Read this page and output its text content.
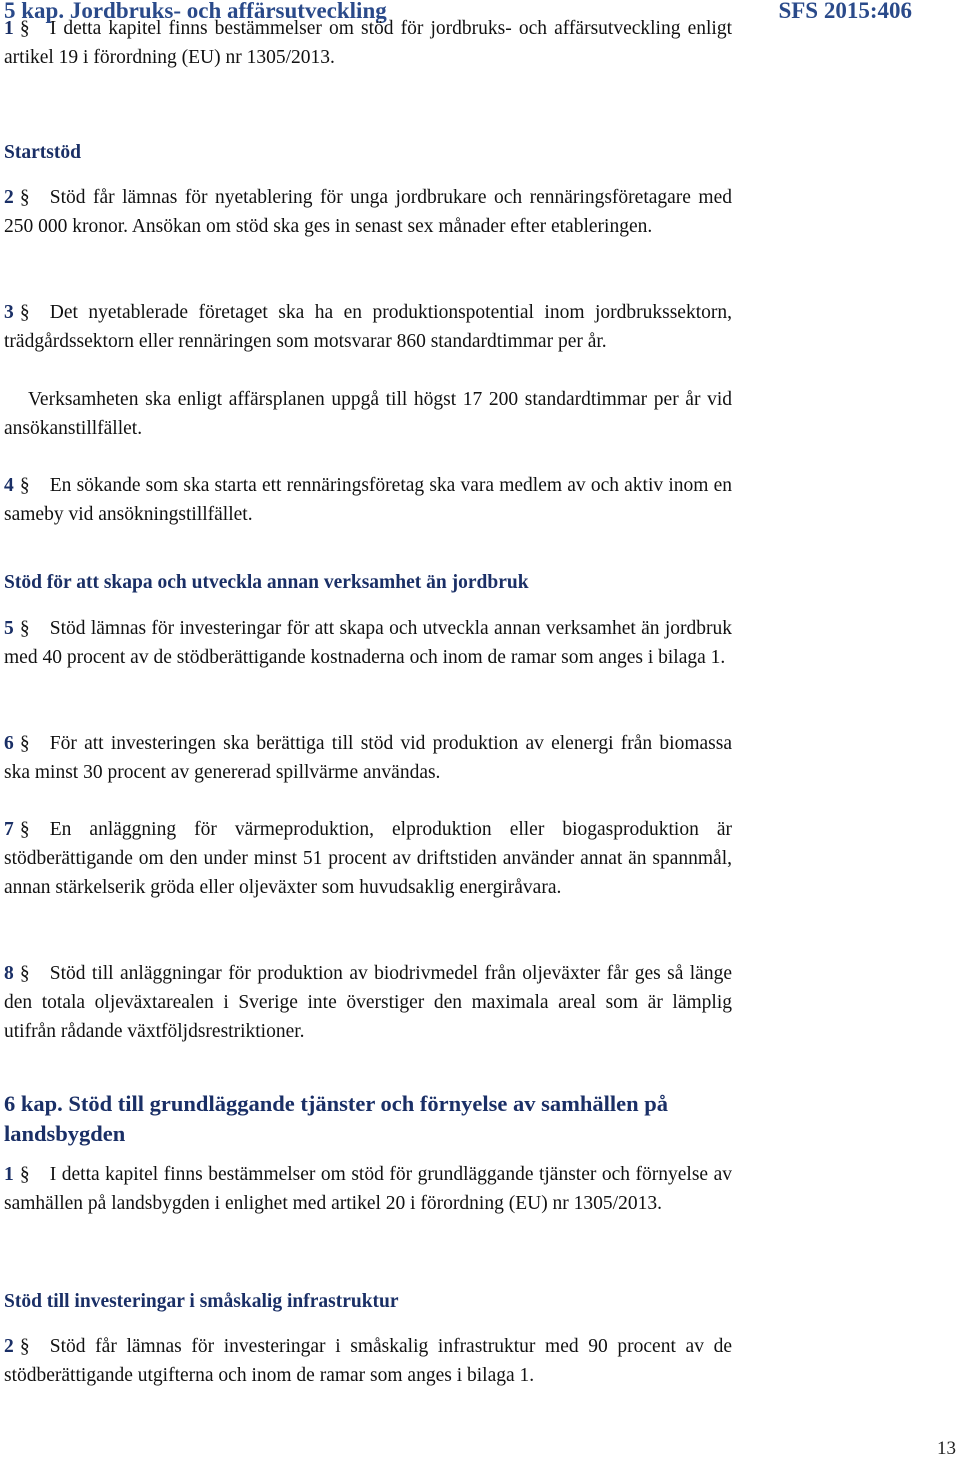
5 kap. Jordbruks- och affärsutveckling	SFS 2015:406

1 § I detta kapitel finns bestämmelser om stöd för jordbruks- och affärsutveckling enligt artikel 19 i förordning (EU) nr 1305/2013.

Startstöd

2 § Stöd får lämnas för nyetablering för unga jordbrukare och rennäringsföretagare med 250 000 kronor. Ansökan om stöd ska ges in senast sex månader efter etableringen.

3 § Det nyetablerade företaget ska ha en produktionspotential inom jordbrukssektorn, trädgårdssektorn eller rennäringen som motsvarar 860 standardtimmar per år.

Verksamheten ska enligt affärsplanen uppgå till högst 17 200 standardtimmar per år vid ansökanstillfället.

4 § En sökande som ska starta ett rennäringsföretag ska vara medlem av och aktiv inom en sameby vid ansökningstillfället.

Stöd för att skapa och utveckla annan verksamhet än jordbruk

5 § Stöd lämnas för investeringar för att skapa och utveckla annan verksamhet än jordbruk med 40 procent av de stödberättigande kostnaderna och inom de ramar som anges i bilaga 1.

6 § För att investeringen ska berättiga till stöd vid produktion av elenergi från biomassa ska minst 30 procent av genererad spillvärme användas.

7 § En anläggning för värmeproduktion, elproduktion eller biogasproduktion är stödberättigande om den under minst 51 procent av driftstiden använder annat än spannmål, annan stärkelserik gröda eller oljeväxter som huvudsaklig energiråvara.

8 § Stöd till anläggningar för produktion av biodrivmedel från oljeväxter får ges så länge den totala oljeväxtarealen i Sverige inte överstiger den maximala areal som är lämplig utifrån rådande växtföljdsrestriktioner.

6 kap. Stöd till grundläggande tjänster och förnyelse av samhällen på landsbygden

1 § I detta kapitel finns bestämmelser om stöd för grundläggande tjänster och förnyelse av samhällen på landsbygden i enlighet med artikel 20 i förordning (EU) nr 1305/2013.

Stöd till investeringar i småskalig infrastruktur

2 § Stöd får lämnas för investeringar i småskalig infrastruktur med 90 procent av de stödberättigande utgifterna och inom de ramar som anges i bilaga 1.

13
